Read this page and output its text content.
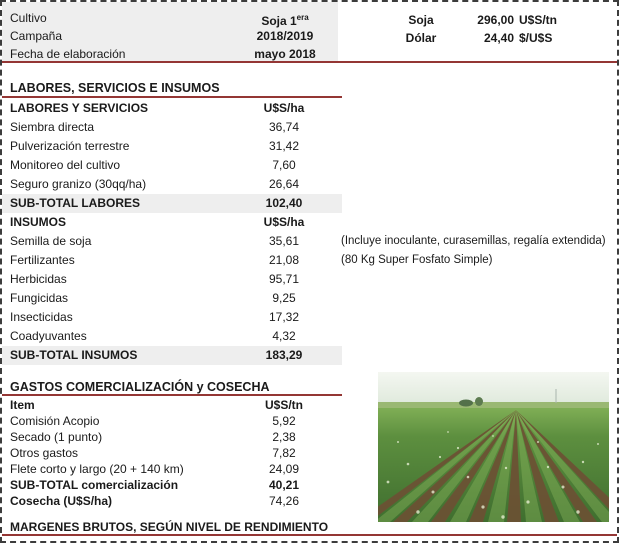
Cultivo	Soja $1^{era}$
Campaña	2018/2019
Fecha de elaboración	mayo 2018
Soja	296,00 U$S/tn
Dólar	24,40 $/U$S
LABORES, SERVICIOS E INSUMOS
LABORES Y SERVICIOS	U$S/ha
Siembra directa	36,74
Pulverización terrestre	31,42
Monitoreo del cultivo	7,60
Seguro granizo (30qq/ha)	26,64
SUB-TOTAL LABORES	102,40
INSUMOS	U$S/ha
Semilla de soja	35,61	(Incluye inoculante, curasemillas, regalía extendida)
Fertilizantes	21,08	(80 Kg Super Fosfato Simple)
Herbicidas	95,71
Fungicidas	9,25
Insecticidas	17,32
Coadyuvantes	4,32
SUB-TOTAL INSUMOS	183,29
GASTOS COMERCIALIZACIÓN y COSECHA
Item	U$S/tn
Comisión Acopio	5,92
Secado (1 punto)	2,38
Otros gastos	7,82
Flete corto y largo (20 + 140 km)	24,09
SUB-TOTAL comercialización	40,21
Cosecha (U$S/ha)	74,26
MARGENES BRUTOS, SEGÚN NIVEL DE RENDIMIENTO
